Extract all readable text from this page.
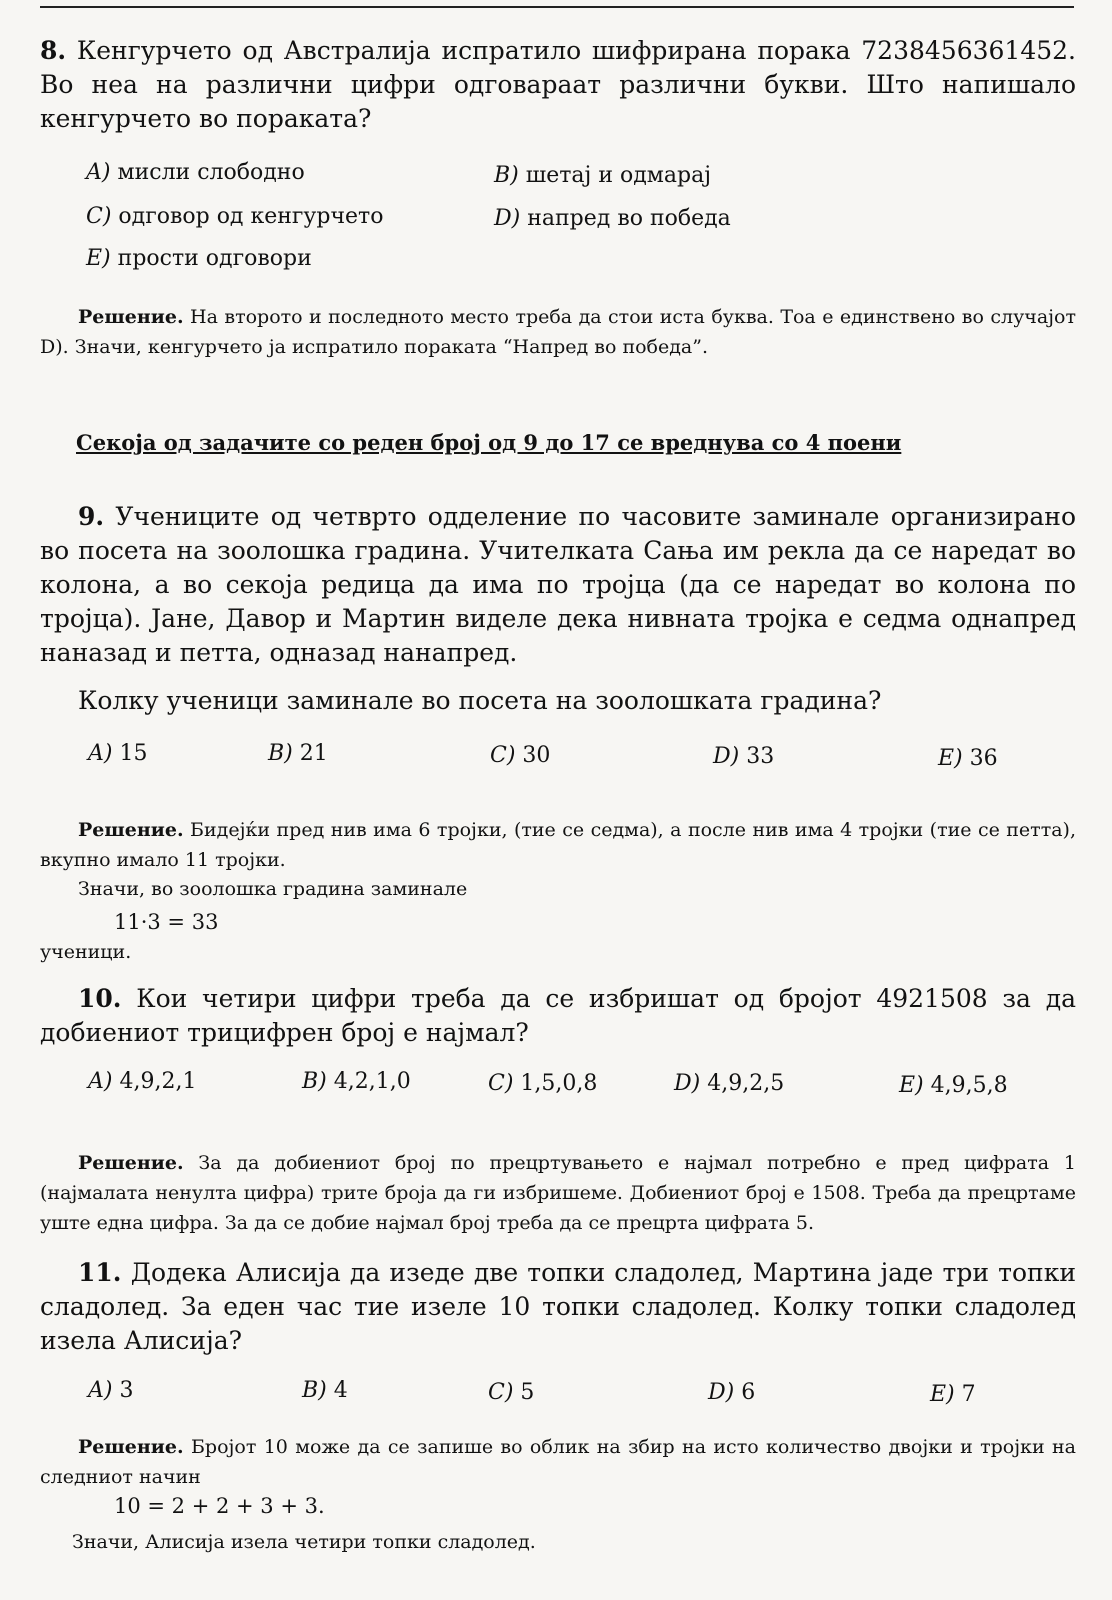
8. Кенгурчето од Австралија испратило шифрирана порака 7238456361452. Во неа на различни цифри одговараат различни букви. Што напишало кенгурчето во пораката?

A) мисли слободно	B) шетај и одмарај
C) одговор од кенгурчето	D) напред во победа
E) прости одговори

Решение. На второто и последното место треба да стои иста буква. Тоа е единствено во случајот D). Значи, кенгурчето ја испратило пораката “Напред во победа”.

Секоја од задачите со реден број од 9 до 17 се вреднува со 4 поени

9. Учениците од четврто одделение по часовите заминале организирано во посета на зоолошка градина. Учителката Сања им рекла да се наредат во колона, а во секоја редица да има по тројца (да се наредат во колона по тројца). Јане, Давор и Мартин виделе дека нивната тројка е седма однапред наназад и петта, одназад нанапред.

Колку ученици заминале во посета на зоолошката градина?

A) 15	B) 21	C) 30	D) 33	E) 36

Решение. Бидејќи пред нив има 6 тројки, (тие се седма), а после нив има 4 тројки (тие се петта), вкупно имало 11 тројки.

Значи, во зоолошка градина заминале
11·3 = 33
ученици.

10. Кои четири цифри треба да се избришат од бројот 4921508 за да добиениот трицифрен број е најмал?

A) 4,9,2,1	B) 4,2,1,0	C) 1,5,0,8	D) 4,9,2,5	E) 4,9,5,8

Решение. За да добиениот број по прецртувањето е најмал потребно е пред цифрата 1 (најмалата ненулта цифра) трите броја да ги избришеме. Добиениот број е 1508. Треба да прецртаме уште една цифра. За да се добие најмал број треба да се прецрта цифрата 5.

11. Додека Алисија да изеде две топки сладолед, Мартина јаде три топки сладолед. За еден час тие изеле 10 топки сладолед. Колку топки сладолед изела Алисија?

A) 3	B) 4	C) 5	D) 6	E) 7

Решение. Бројот 10 може да се запише во облик на збир на исто количество двојки и тројки на следниот начин

10 = 2 + 2 + 3 + 3.
Значи, Алисија изела четири топки сладолед.
